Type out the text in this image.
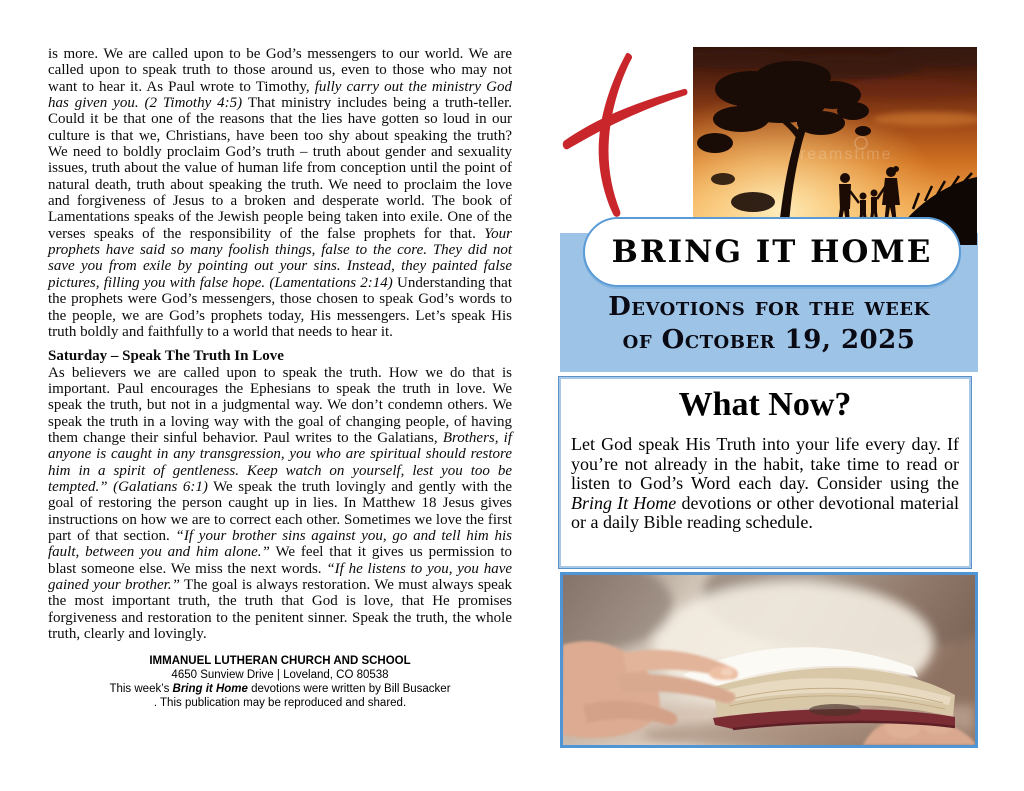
is more. We are called upon to be God’s messengers to our world. We are called upon to speak truth to those around us, even to those who may not want to hear it. As Paul wrote to Timothy, fully carry out the ministry God has given you. (2 Timothy 4:5) That ministry includes being a truth-teller. Could it be that one of the reasons that the lies have gotten so loud in our culture is that we, Christians, have been too shy about speaking the truth? We need to boldly proclaim God’s truth – truth about gender and sexuality issues, truth about the value of human life from conception until the point of natural death, truth about speaking the truth. We need to proclaim the love and forgiveness of Jesus to a broken and desperate world. The book of Lamentations speaks of the Jewish people being taken into exile. One of the verses speaks of the responsibility of the false prophets for that. Your prophets have said so many foolish things, false to the core. They did not save you from exile by pointing out your sins. Instead, they painted false pictures, filling you with false hope. (Lamentations 2:14) Understanding that the prophets were God’s messengers, those chosen to speak God’s words to the people, we are God’s prophets today, His messengers. Let’s speak His truth boldly and faithfully to a world that needs to hear it.

Saturday – Speak The Truth In Love

As believers we are called upon to speak the truth. How we do that is important. Paul encourages the Ephesians to speak the truth in love. We speak the truth, but not in a judgmental way. We don’t condemn others. We speak the truth in a loving way with the goal of changing people, of having them change their sinful behavior. Paul writes to the Galatians, Brothers, if anyone is caught in any transgression, you who are spiritual should restore him in a spirit of gentleness. Keep watch on yourself, lest you too be tempted.” (Galatians 6:1) We speak the truth lovingly and gently with the goal of restoring the person caught up in lies. In Matthew 18 Jesus gives instructions on how we are to correct each other. Sometimes we love the first part of that section. “If your brother sins against you, go and tell him his fault, between you and him alone.” We feel that it gives us permission to blast someone else. We miss the next words. “If he listens to you, you have gained your brother.” The goal is always restoration. We must always speak the most important truth, the truth that God is love, that He promises forgiveness and restoration to the penitent sinner. Speak the truth, the whole truth, clearly and lovingly.

IMMANUEL LUTHERAN CHURCH AND SCHOOL
4650 Sunview Drive | Loveland, CO 80538
This week’s Bring it Home devotions were written by Bill Busacker
. This publication may be reproduced and shared.
dreamstime
BRING IT HOME
Devotions for the week
of October 19, 2025
What Now?

Let God speak His Truth into your life every day. If you’re not already in the habit, take time to read or listen to God’s Word each day. Consider using the Bring It Home devotions or other devotional material or a daily Bible reading schedule.
